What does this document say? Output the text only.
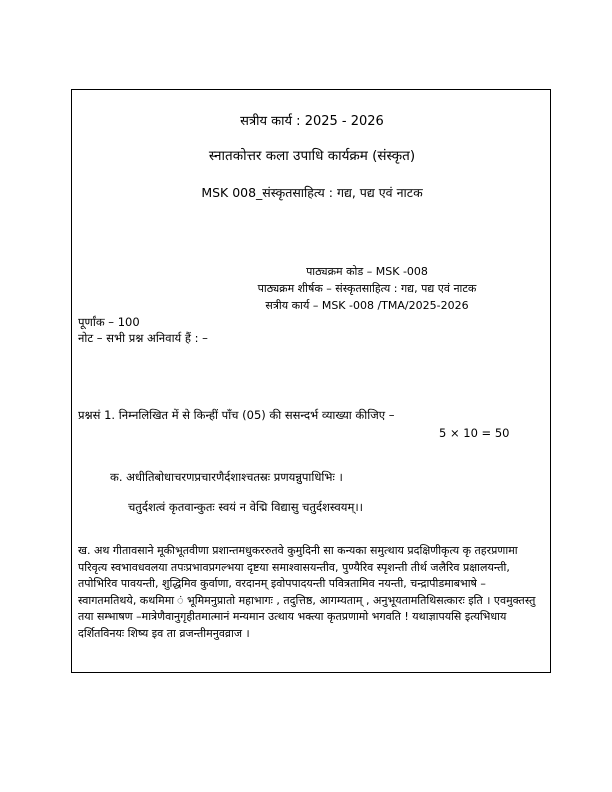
सत्रीय कार्य : 2025 - 2026
स्नातकोत्तर कला उपाधि कार्यक्रम (संस्कृत)
MSK 008_संस्कृतसाहित्य : गद्य, पद्य एवं नाटक
पाठ्यक्रम कोड – MSK -008
पाठ्यक्रम शीर्षक – संस्कृतसाहित्य : गद्य, पद्य एवं नाटक
सत्रीय कार्य – MSK -008 /TMA/2025-2026
पूर्णांक – 100
नोट – सभी प्रश्न अनिवार्य हैं : –
प्रश्नसं 1. निम्नलिखित में से किन्हीं पाँच (05) की ससन्दर्भ व्याख्या कीजिए –
5 × 10 = 50
क. अधीतिबोधाचरणप्रचारणैर्दशाश्चतस्रः प्रणयन्नुपाधिभिः ।
चतुर्दशत्वं कृतवान्कुतः स्वयं न वेद्मि विद्यासु चतुर्दशस्वयम्।।
ख. अथ गीतावसाने मूकीभूतवीणा प्रशान्तमधुकररुतवे कुमुदिनी सा कन्यका समुत्थाय प्रदक्षिणीकृत्य कृ तहरप्रणामा परिवृत्य स्वभावधवलया तपःप्रभावप्रगल्भया दृष्टया समाश्वासयन्तीव, पुण्यैरिव स्पृशन्ती तीर्थ जलैरिव प्रक्षालयन्ती, तपोभिरिव पावयन्ती, शुद्धिमिव कुर्वाणा, वरदानम् इवोपपादयन्ती पवित्रतामिव नयन्ती, चन्द्रापीडमाबभाषे – स्वागतमतिथये, कथमिमा ं भूमिमनुप्रातो महाभागः , तदुत्तिष्ठ, आगम्यताम् , अनुभूयतामतिथिसत्कारः इति । एवमुक्तस्तु तया सम्भाषण –मात्रेणैवानुगृहीतमात्मानं मन्यमान उत्थाय भक्त्या कृतप्रणामो भगवति ! यथाज्ञापयसि इत्यभिधाय दर्शितविनयः शिष्य इव ता व्रजन्तीमनुवव्राज ।
